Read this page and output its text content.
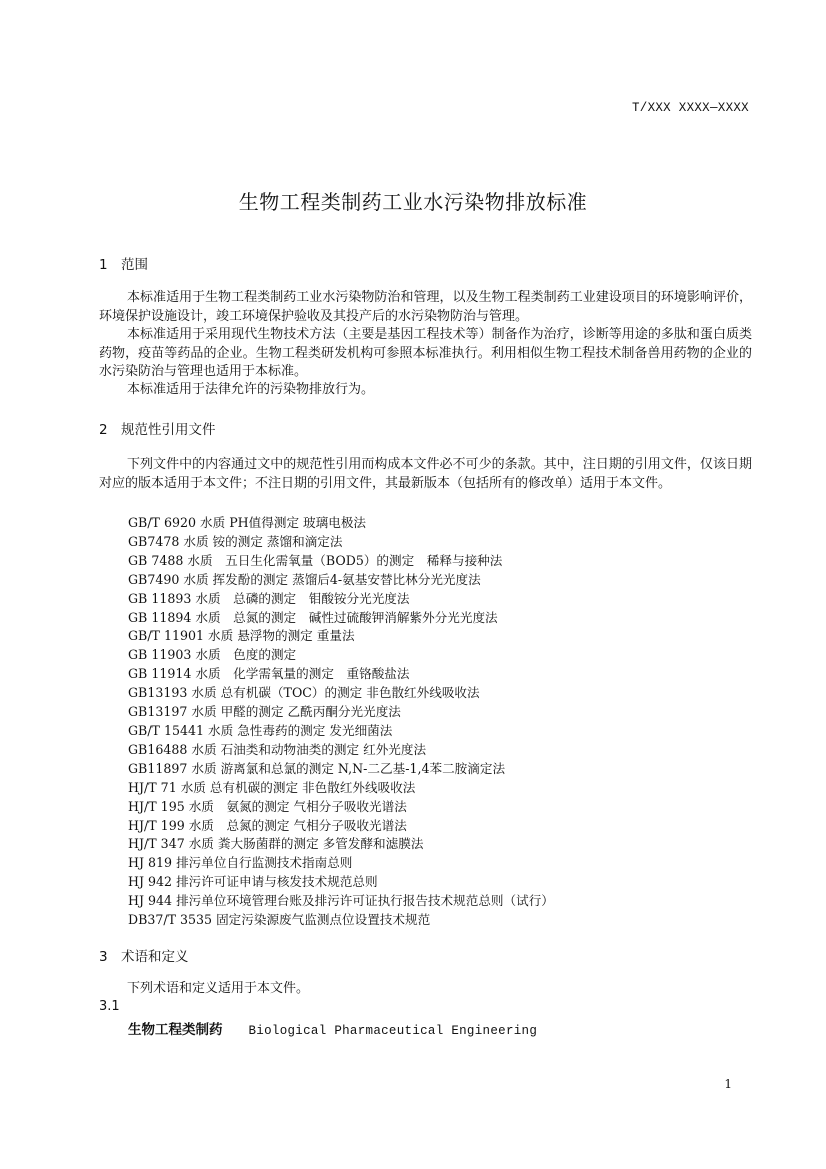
T/XXX XXXX—XXXX
生物工程类制药工业水污染物排放标准
1 范围

本标准适用于生物工程类制药工业水污染物防治和管理，以及生物工程类制药工业建设项目的环境影响评价，环境保护设施设计，竣工环境保护验收及其投产后的水污染物防治与管理。

本标准适用于采用现代生物技术方法（主要是基因工程技术等）制备作为治疗，诊断等用途的多肽和蛋白质类药物，疫苗等药品的企业。生物工程类研发机构可参照本标准执行。利用相似生物工程技术制备兽用药物的企业的水污染防治与管理也适用于本标准。

本标准适用于法律允许的污染物排放行为。

2 规范性引用文件

下列文件中的内容通过文中的规范性引用而构成本文件必不可少的条款。其中，注日期的引用文件，仅该日期对应的版本适用于本文件；不注日期的引用文件，其最新版本（包括所有的修改单）适用于本文件。

GB/T 6920 水质 PH值得测定 玻璃电极法
GB7478 水质 铵的测定 蒸馏和滴定法
GB 7488 水质　五日生化需氧量（BOD5）的测定　稀释与接种法
GB7490 水质 挥发酚的测定 蒸馏后4-氨基安替比林分光光度法
GB 11893 水质　总磷的测定　钼酸铵分光光度法
GB 11894 水质　总氮的测定　碱性过硫酸钾消解紫外分光光度法
GB/T 11901 水质 悬浮物的测定 重量法
GB 11903 水质　色度的测定
GB 11914 水质　化学需氧量的测定　重铬酸盐法
GB13193 水质 总有机碳（TOC）的测定 非色散红外线吸收法
GB13197 水质 甲醛的测定 乙酰丙酮分光光度法
GB/T 15441 水质 急性毒药的测定 发光细菌法
GB16488 水质 石油类和动物油类的测定 红外光度法
GB11897 水质 游离氯和总氯的测定 N,N-二乙基-1,4苯二胺滴定法
HJ/T 71 水质 总有机碳的测定 非色散红外线吸收法
HJ/T 195 水质　氨氮的测定 气相分子吸收光谱法
HJ/T 199 水质　总氮的测定 气相分子吸收光谱法
HJ/T 347 水质 粪大肠菌群的测定 多管发酵和滤膜法
HJ 819 排污单位自行监测技术指南总则
HJ 942 排污许可证申请与核发技术规范总则
HJ 944 排污单位环境管理台账及排污许可证执行报告技术规范总则（试行）
DB37/T 3535 固定污染源废气监测点位设置技术规范
3 术语和定义

下列术语和定义适用于本文件。

3.1
生物工程类制药 Biological Pharmaceutical Engineering
1
